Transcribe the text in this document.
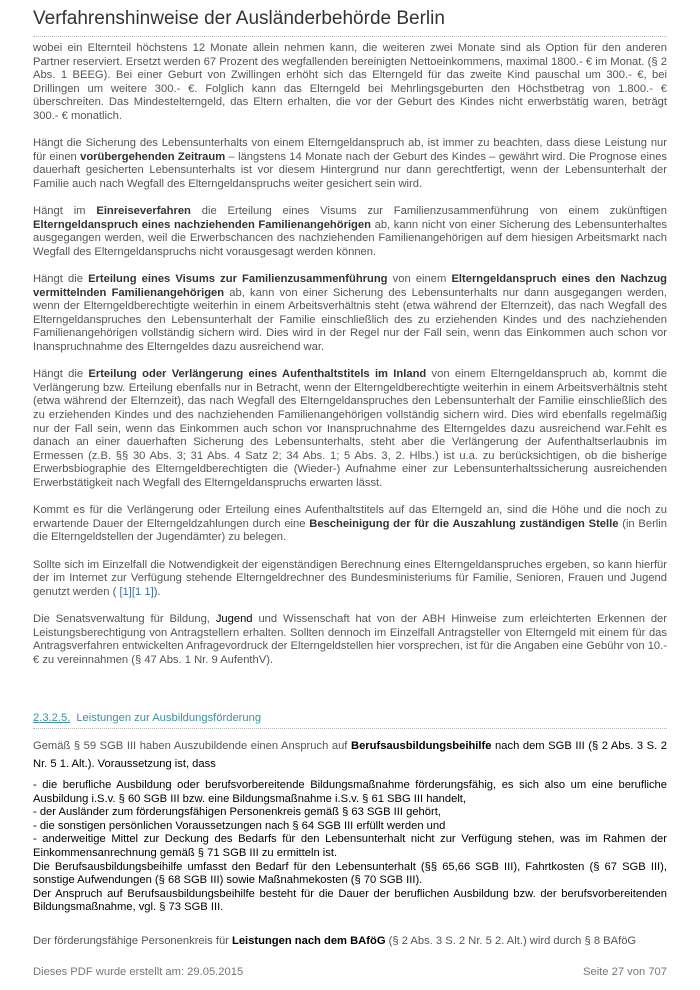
Verfahrenshinweise der Ausländerbehörde Berlin

wobei ein Elternteil höchstens 12 Monate allein nehmen kann, die weiteren zwei Monate sind als Option für den anderen Partner reserviert. Ersetzt werden 67 Prozent des wegfallenden bereinigten Nettoeinkommens, maximal 1800.- € im Monat. (§ 2 Abs. 1 BEEG). Bei einer Geburt von Zwillingen erhöht sich das Elterngeld für das zweite Kind pauschal um 300.- €, bei Drillingen um weitere 300.- €. Folglich kann das Elterngeld bei Mehrlingsgeburten den Höchstbetrag von 1.800.- € überschreiten. Das Mindestelterngeld, das Eltern erhalten, die vor der Geburt des Kindes nicht erwerbstätig waren, beträgt 300.- € monatlich.

Hängt die Sicherung des Lebensunterhalts von einem Elterngeldanspruch ab, ist immer zu beachten, dass diese Leistung nur für einen vorübergehenden Zeitraum – längstens 14 Monate nach der Geburt des Kindes – gewährt wird. Die Prognose eines dauerhaft gesicherten Lebensunterhalts ist vor diesem Hintergrund nur dann gerechtfertigt, wenn der Lebensunterhalt der Familie auch nach Wegfall des Elterngeldanspruchs weiter gesichert sein wird.

Hängt im Einreiseverfahren die Erteilung eines Visums zur Familienzusammenführung von einem zukünftigen Elterngeldanspruch eines nachziehenden Familienangehörigen ab, kann nicht von einer Sicherung des Lebensunterhaltes ausgegangen werden, weil die Erwerbschancen des nachziehenden Familienangehörigen auf dem hiesigen Arbeitsmarkt nach Wegfall des Elterngeldanspruchs nicht vorausgesagt werden können.

Hängt die Erteilung eines Visums zur Familienzusammenführung von einem Elterngeldanspruch eines den Nachzug vermittelnden Familienangehörigen ab, kann von einer Sicherung des Lebensunterhalts nur dann ausgegangen werden, wenn der Elterngeldberechtigte weiterhin in einem Arbeitsverhältnis steht (etwa während der Elternzeit), das nach Wegfall des Elterngeldanspruches den Lebensunterhalt der Familie einschließlich des zu erziehenden Kindes und des nachziehenden Familienangehörigen vollständig sichern wird. Dies wird in der Regel nur der Fall sein, wenn das Einkommen auch schon vor Inanspruchnahme des Elterngeldes dazu ausreichend war.

Hängt die Erteilung oder Verlängerung eines Aufenthaltstitels im Inland von einem Elterngeldanspruch ab, kommt die Verlängerung bzw. Erteilung ebenfalls nur in Betracht, wenn der Elterngeldberechtigte weiterhin in einem Arbeitsverhältnis steht (etwa während der Elternzeit), das nach Wegfall des Elterngeldanspruches den Lebensunterhalt der Familie einschließlich des zu erziehenden Kindes und des nachziehenden Familienangehörigen vollständig sichern wird. Dies wird ebenfalls regelmäßig nur der Fall sein, wenn das Einkommen auch schon vor Inanspruchnahme des Elterngeldes dazu ausreichend war.Fehlt es danach an einer dauerhaften Sicherung des Lebensunterhalts, steht aber die Verlängerung der Aufenthaltserlaubnis im Ermessen (z.B. §§ 30 Abs. 3; 31 Abs. 4 Satz 2; 34 Abs. 1; 5 Abs. 3, 2. Hlbs.) ist u.a. zu berücksichtigen, ob die bisherige Erwerbsbiographie des Elterngeldberechtigten die (Wieder-) Aufnahme einer zur Lebensunterhaltssicherung ausreichenden Erwerbstätigkeit nach Wegfall des Elterngeldanspruchs erwarten lässt.

Kommt es für die Verlängerung oder Erteilung eines Aufenthaltstitels auf das Elterngeld an, sind die Höhe und die noch zu erwartende Dauer der Elterngeldzahlungen durch eine Bescheinigung der für die Auszahlung zuständigen Stelle (in Berlin die Elterngeldstellen der Jugendämter) zu belegen.

Sollte sich im Einzelfall die Notwendigkeit der eigenständigen Berechnung eines Elterngeldanspruches ergeben, so kann hierfür der im Internet zur Verfügung stehende Elterngeldrechner des Bundesministeriums für Familie, Senioren, Frauen und Jugend genutzt werden ( [1][1 1]).

Die Senatsverwaltung für Bildung, Jugend und Wissenschaft hat von der ABH Hinweise zum erleichterten Erkennen der Leistungsberechtigung von Antragstellern erhalten. Sollten dennoch im Einzelfall Antragsteller von Elterngeld mit einem für das Antragsverfahren entwickelten Anfragevordruck der Elterngeldstellen hier vorsprechen, ist für die Angaben eine Gebühr von 10.- € zu vereinnahmen (§ 47 Abs. 1 Nr. 9 AufenthV).

2.3.2.5. Leistungen zur Ausbildungsförderung

Gemäß § 59 SGB III haben Auszubildende einen Anspruch auf Berufsausbildungsbeihilfe nach dem SGB III (§ 2 Abs. 3 S. 2 Nr. 5 1. Alt.). Voraussetzung ist, dass

- die berufliche Ausbildung oder berufsvorbereitende Bildungsmaßnahme förderungsfähig, es sich also um eine berufliche Ausbildung i.S.v. § 60 SGB III bzw. eine Bildungsmaßnahme i.S.v. § 61 SBG III handelt,
- der Ausländer zum förderungsfähigen Personenkreis gemäß § 63 SGB III gehört,
- die sonstigen persönlichen Voraussetzungen nach § 64 SGB III erfüllt werden und
- anderweitige Mittel zur Deckung des Bedarfs für den Lebensunterhalt nicht zur Verfügung stehen, was im Rahmen der Einkommensanrechnung gemäß § 71 SGB III zu ermitteln ist.
Die Berufsausbildungsbeihilfe umfasst den Bedarf für den Lebensunterhalt (§§ 65,66 SGB III), Fahrtkosten (§ 67 SGB III), sonstige Aufwendungen (§ 68 SGB III) sowie Maßnahmekosten (§ 70 SGB III).
Der Anspruch auf Berufsausbildungsbeihilfe besteht für die Dauer der beruflichen Ausbildung bzw. der berufsvorbereitenden Bildungsmaßnahme, vgl. § 73 SGB III.

Der förderungsfähige Personenkreis für Leistungen nach dem BAföG (§ 2 Abs. 3 S. 2 Nr. 5 2. Alt.) wird durch § 8 BAföG

Dieses PDF wurde erstellt am: 29.05.2015	Seite 27 von 707
